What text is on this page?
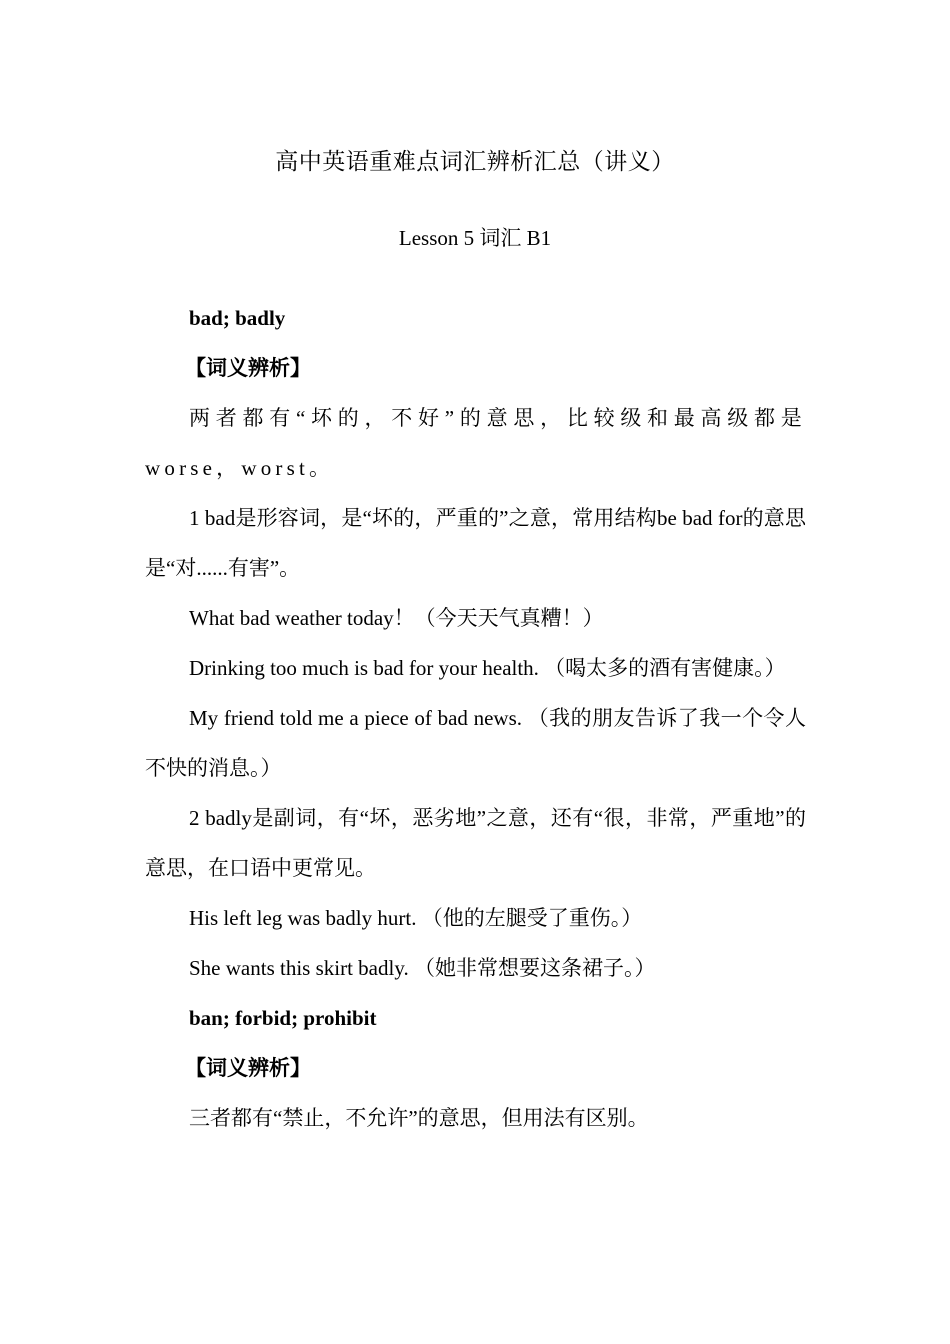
高中英语重难点词汇辨析汇总（讲义）
Lesson 5 词汇 B1

bad; badly

【词义辨析】

两者都有“坏的，不好”的意思，比较级和最高级都是worse，worst。

1 bad是形容词，是“坏的，严重的”之意，常用结构be bad for的意思是“对......有害”。

What bad weather today！（今天天气真糟！）

Drinking too much is bad for your health. （喝太多的酒有害健康。）

My friend told me a piece of bad news. （我的朋友告诉了我一个令人不快的消息。）

2 badly是副词，有“坏，恶劣地”之意，还有“很，非常，严重地”的意思，在口语中更常见。

His left leg was badly hurt. （他的左腿受了重伤。）

She wants this skirt badly. （她非常想要这条裙子。）

ban; forbid; prohibit

【词义辨析】

三者都有“禁止，不允许”的意思，但用法有区别。
